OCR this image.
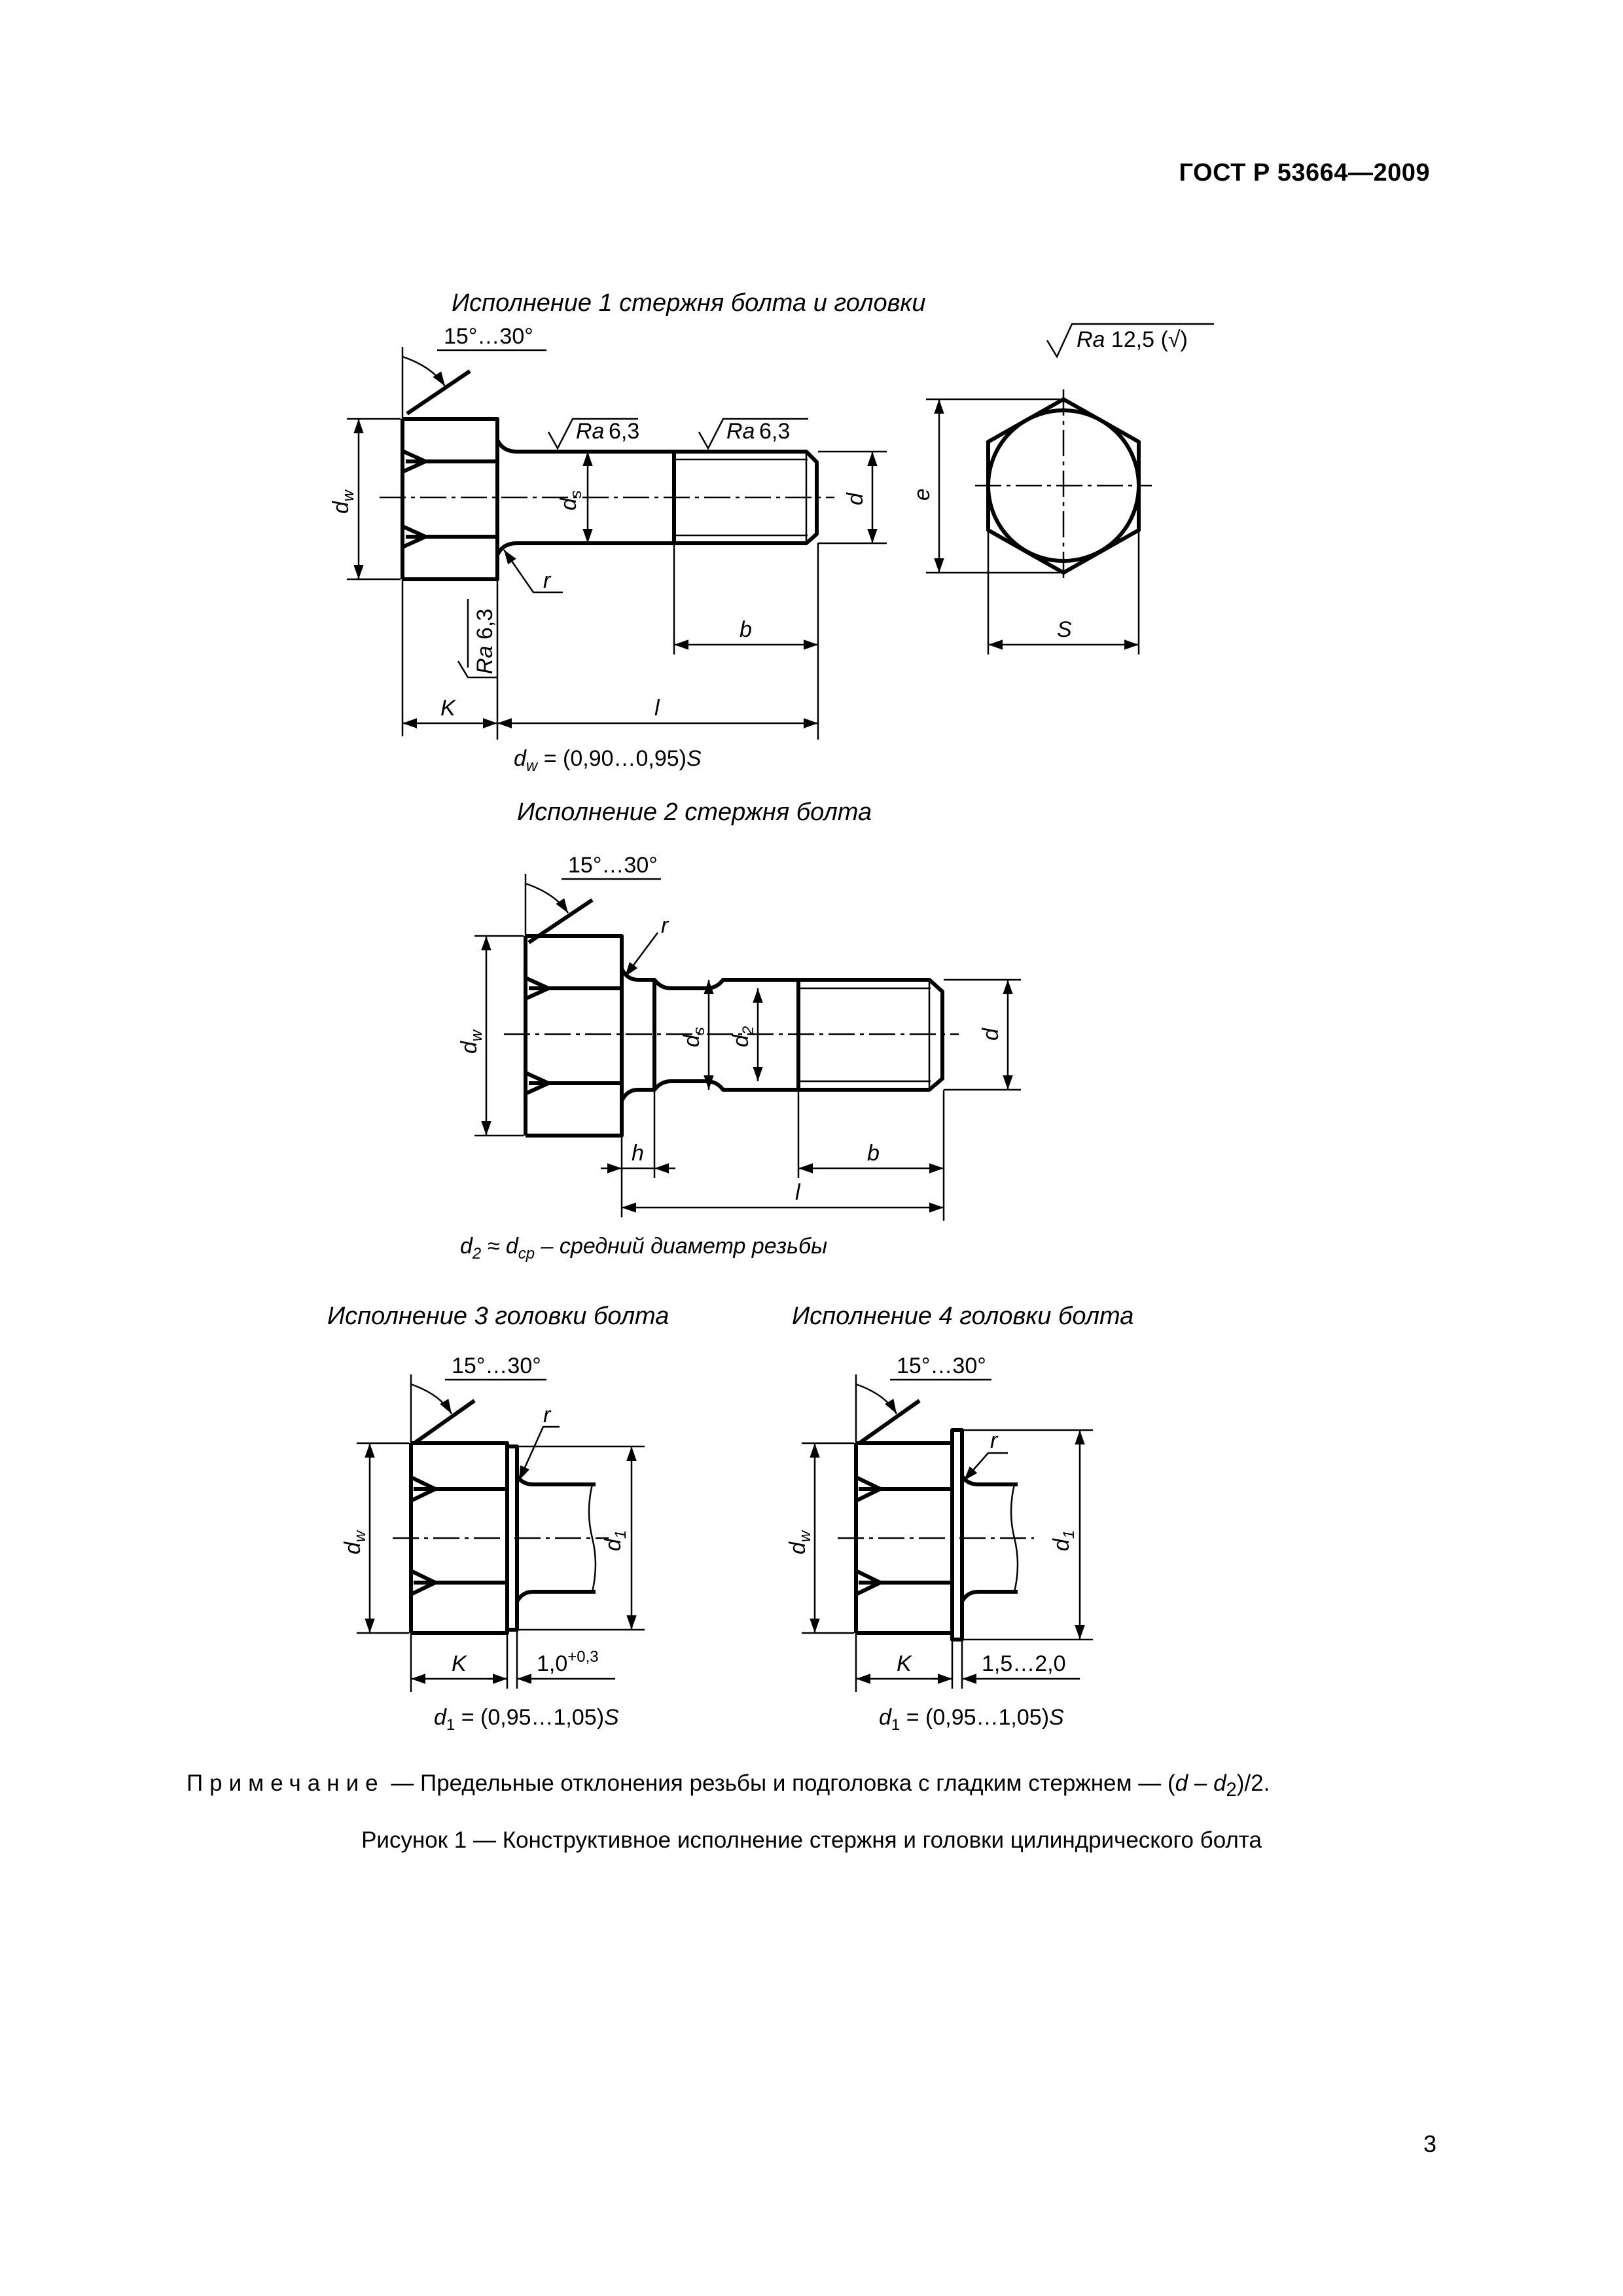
ГОСТ Р 53664—2009
Исполнение 1 стержня болта и головки
15°…30°
Ra 6,3	Ra 6,3
$d_w$
$d_s$	d
r
Ra 6,3	b
K	l
$d_w$ = (0,90…0,95)S
Ra 12,5 (√)
e
S
Исполнение 2 стержня болта
15°…30°
r
$d_w$	$d_s$
$d_2$	d
h	b
l
$d_2 \approx d_{ср}$ – средний диаметр резьбы
Исполнение 3 головки болта
15°…30°
r
$d_w$
$d_1$
K	$1,0^{+0,3}$
$d_1$ = (0,95…1,05)S
Исполнение 4 головки болта
15°…30°
r
$d_w$
$d_1$
K	1,5…2,0
$d_1$ = (0,95…1,05)S
Примечание — Предельные отклонения резьбы и подголовка с гладким стержнем — $(d - d_2)/2$.
Рисунок 1 — Конструктивное исполнение стержня и головки цилиндрического болта
3
